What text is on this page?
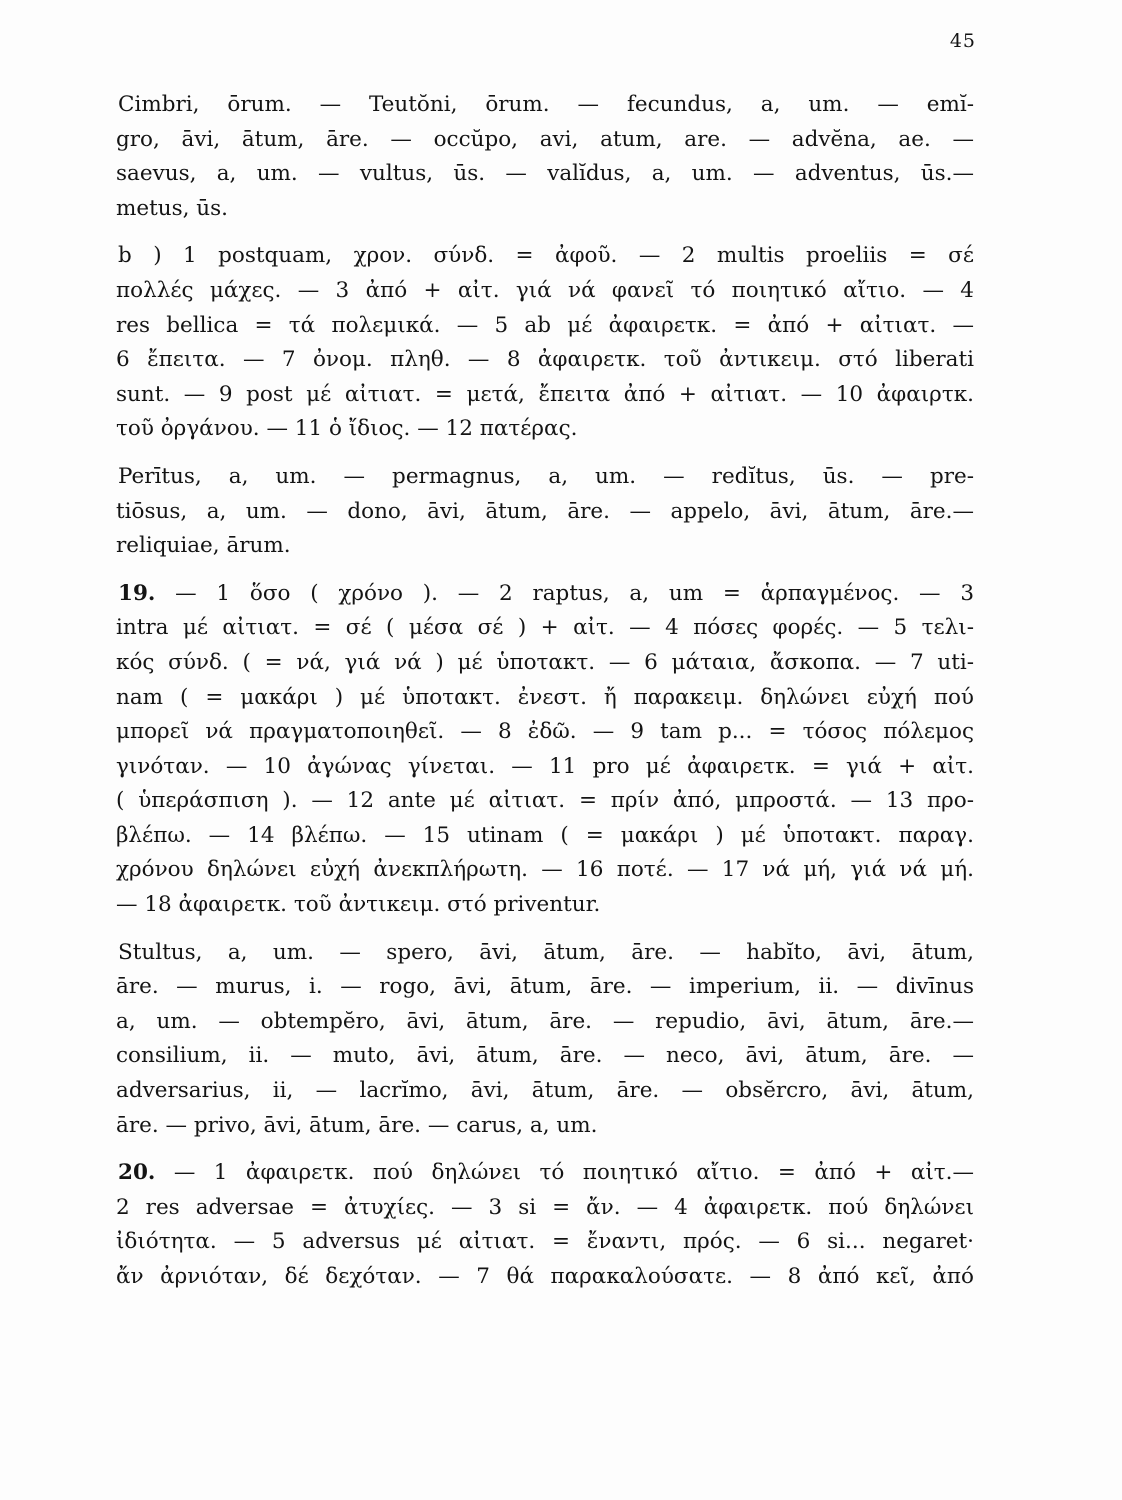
45
Cimbri, ōrum. — Teutŏni, ōrum. — fecundus, a, um. — emĭ-
gro, āvi, ātum, āre. — occŭpo, avi, atum, are. — advĕna, ae. —
saevus, a, um. — vultus, ūs. — valĭdus, a, um. — adventus, ūs.—
metus, ūs.
b ) 1 postquam, χρον. σύνδ. = ἀφοῦ. — 2 multis proeliis = σέ
πολλές μάχες. — 3 ἀπό + αἰτ. γιά νά φανεῖ τό ποιητικό αἴτιο. — 4
res bellica = τά πολεμικά. — 5 ab μέ ἀφαιρετκ. = ἀπό + αἰτιατ. —
6 ἔπειτα. — 7 ὀνομ. πληθ. — 8 ἀφαιρετκ. τοῦ ἀντικειμ. στό liberati
sunt. — 9 post μέ αἰτιατ. = μετά, ἔπειτα ἀπό + αἰτιατ. — 10 ἀφαιρτκ.
τοῦ ὀργάνου. — 11 ὁ ἴδιος. — 12 πατέρας.
Perītus, a, um. — permagnus, a, um. — redĭtus, ūs. — pre-
tiōsus, a, um. — dono, āvi, ātum, āre. — appelo, āvi, ātum, āre.—
reliquiae, ārum.
19. — 1 ὅσο ( χρόνο ). — 2 raptus, a, um = ἁρπαγμένος. — 3
intra μέ αἰτιατ. = σέ ( μέσα σέ ) + αἰτ. — 4 πόσες φορές. — 5 τελι-
κός σύνδ. ( = νά, γιά νά ) μέ ὑποτακτ. — 6 μάταια, ἄσκοπα. — 7 uti-
nam ( = μακάρι ) μέ ὑποτακτ. ἐνεστ. ἤ παρακειμ. δηλώνει εὐχή πού
μπορεῖ νά πραγματοποιηθεῖ. — 8 ἐδῶ. — 9 tam p... = τόσος πόλεμος
γινόταν. — 10 ἀγώνας γίνεται. — 11 pro μέ ἀφαιρετκ. = γιά + αἰτ.
( ὑπεράσπιση ). — 12 ante μέ αἰτιατ. = πρίν ἀπό, μπροστά. — 13 προ-
βλέπω. — 14 βλέπω. — 15 utinam ( = μακάρι ) μέ ὑποτακτ. παραγ.
χρόνου δηλώνει εὐχή ἀνεκπλήρωτη. — 16 ποτέ. — 17 νά μή, γιά νά μή.
— 18 ἀφαιρετκ. τοῦ ἀντικειμ. στό priventur.
Stultus, a, um. — spero, āvi, ātum, āre. — habĭto, āvi, ātum,
āre. — murus, i. — rogo, āvi, ātum, āre. — imperium, ii. — divīnus
a, um. — obtempĕro, āvi, ātum, āre. — repudio, āvi, ātum, āre.—
consilium, ii. — muto, āvi, ātum, āre. — neco, āvi, ātum, āre. —
adversarius, ii, — lacrĭmo, āvi, ātum, āre. — obsĕrcro, āvi, ātum,
āre. — privo, āvi, ātum, āre. — carus, a, um.
20. — 1 ἀφαιρετκ. πού δηλώνει τό ποιητικό αἴτιο. = ἀπό + αἰτ.—
2 res adversae = ἀτυχίες. — 3 si = ἄν. — 4 ἀφαιρετκ. πού δηλώνει
ἰδιότητα. — 5 adversus μέ αἰτιατ. = ἔναντι, πρός. — 6 si... negaret·
ἄν ἀρνιόταν, δέ δεχόταν. — 7 θά παρακαλούσατε. — 8 ἀπό κεῖ, ἀπό
